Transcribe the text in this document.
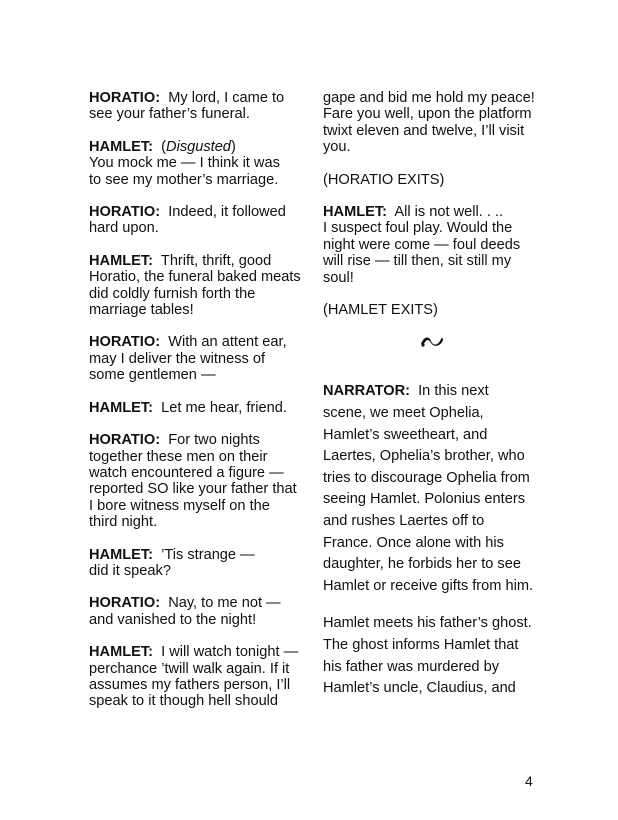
HORATIO: My lord, I came to
see your father’s funeral.
HAMLET:  (Disgusted)
You mock me — I think it was
to see my mother’s marriage.
HORATIO: Indeed, it followed
hard upon.
HAMLET: Thrift, thrift, good
Horatio, the funeral baked meats
did coldly furnish forth the
marriage tables!
HORATIO: With an attent ear,
may I deliver the witness of
some gentlemen —
HAMLET: Let me hear, friend.
HORATIO: For two nights
together these men on their
watch encountered a figure —
reported SO like your father that
I bore witness myself on the
third night.
HAMLET: ’Tis strange —
did it speak?
HORATIO: Nay, to me not —
and vanished to the night!
HAMLET: I will watch tonight —
perchance ’twill walk again. If it
assumes my fathers person, I’ll
speak to it though hell should
gape and bid me hold my peace!
Fare you well, upon the platform
twixt eleven and twelve, I’ll visit
you.
(HORATIO EXITS)
HAMLET: All is not well. . ..
I suspect foul play. Would the
night were come — foul deeds
will rise — till then, sit still my soul!
(HAMLET EXITS)
NARRATOR: In this next
scene, we meet Ophelia,
Hamlet’s sweetheart, and
Laertes, Ophelia’s brother, who
tries to discourage Ophelia from
seeing Hamlet. Polonius enters
and rushes Laertes off to
France. Once alone with his
daughter, he forbids her to see
Hamlet or receive gifts from him.
Hamlet meets his father’s ghost.
The ghost informs Hamlet that
his father was murdered by
Hamlet’s uncle, Claudius, and
4
